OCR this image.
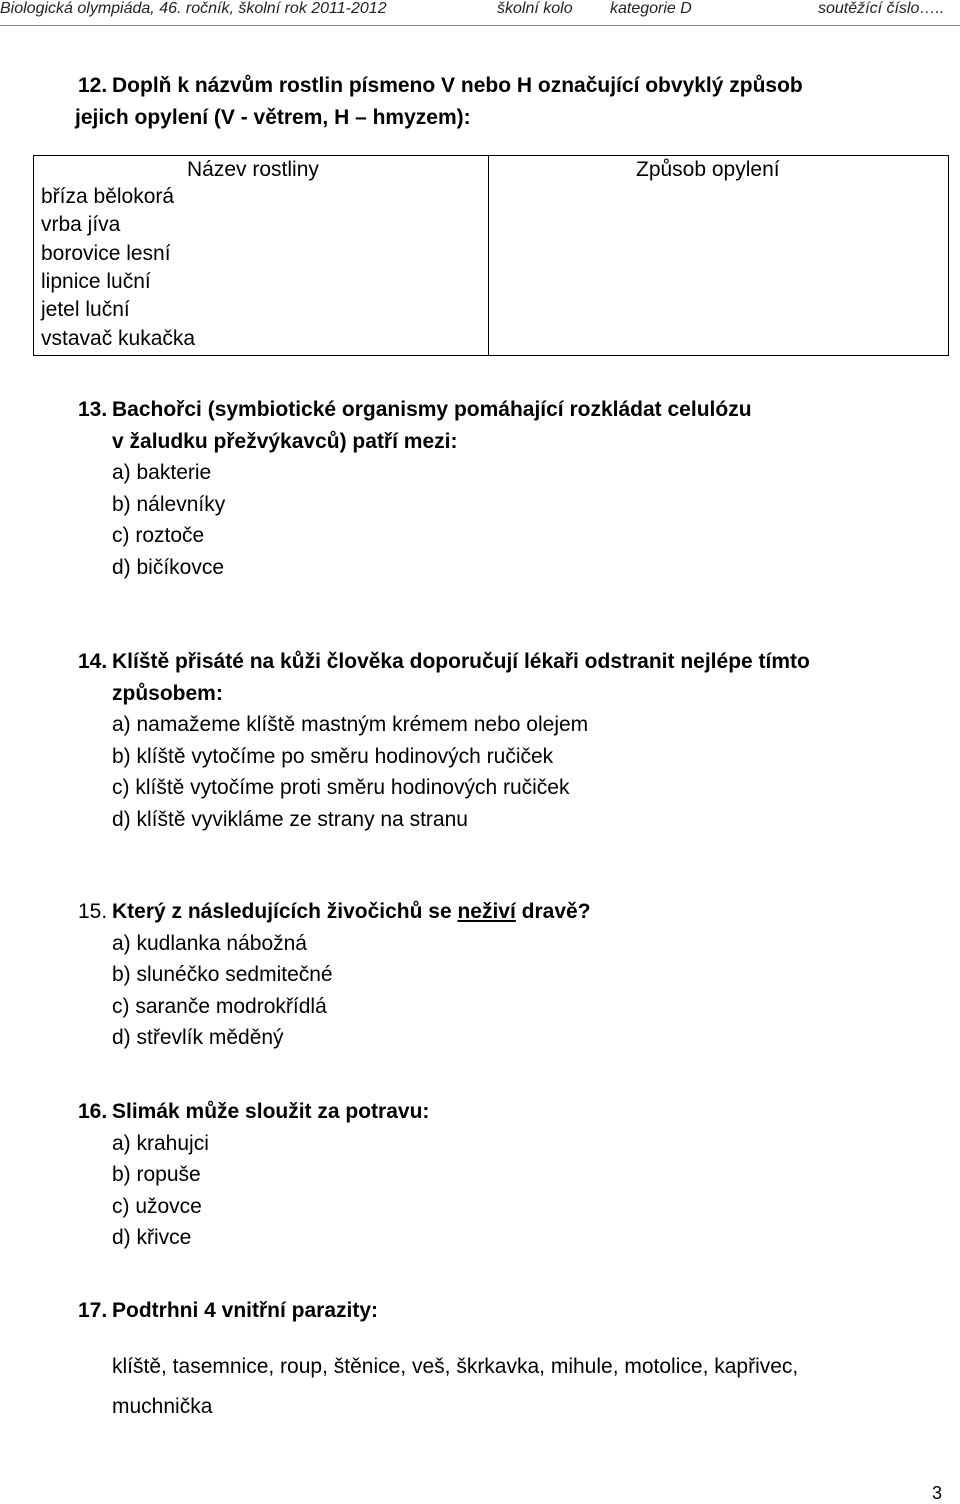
Biologická olympiáda, 46. ročník, školní rok 2011-2012	školní kolo kategorie D	soutěžící číslo…..
12. Doplň k názvům rostlin písmeno V nebo H označující obvyklý způsob
jejich opylení (V - větrem, H – hmyzem):
Název rostliny	Způsob opylení
bříza bělokorá
vrba jíva
borovice lesní
lipnice luční
jetel luční
vstavač kukačka
13. Bachořci (symbiotické organismy pomáhající rozkládat celulózu
v žaludku přežvýkavců) patří mezi:
a) bakterie
b) nálevníky
c) roztoče
d) bičíkovce
14. Klíště přisáté na kůži člověka doporučují lékaři odstranit nejlépe tímto
způsobem:
a) namažeme klíště mastným krémem nebo olejem
b) klíště vytočíme po směru hodinových ručiček
c) klíště vytočíme proti směru hodinových ručiček
d) klíště vyvikláme ze strany na stranu
15. Který z následujících živočichů se neživí dravě?
a) kudlanka nábožná
b) slunéčko sedmitečné
c) saranče modrokřídlá
d) střevlík měděný
16. Slimák může sloužit za potravu:
a) krahujci
b) ropuše
c) užovce
d) křivce
17. Podtrhni 4 vnitřní parazity:
klíště, tasemnice, roup, štěnice, veš, škrkavka, mihule, motolice, kapřivec,
muchnička
3
